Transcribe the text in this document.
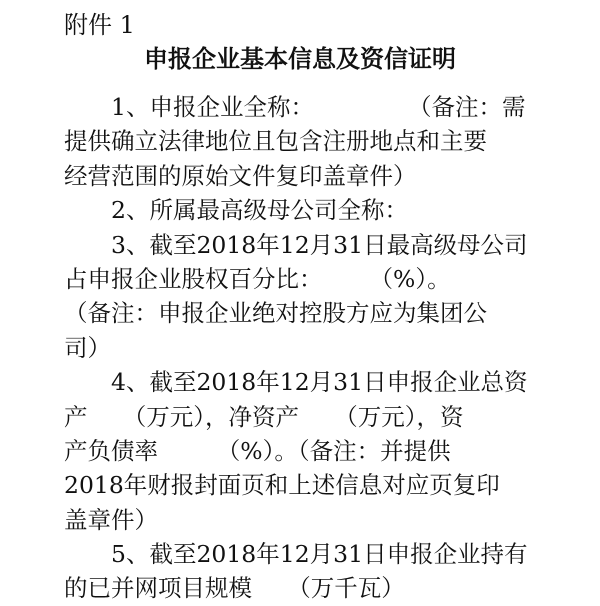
附件 1
申报企业基本信息及资信证明
1、申报企业全称：　　　　　（备注：需
提供确立法律地位且包含注册地点和主要
经营范围的原始文件复印盖章件）
2、所属最高级母公司全称：
3、截至2018年12月31日最高级母公司
占申报企业股权百分比：　　　（%）。
（备注：申报企业绝对控股方应为集团公
司）
4、截至2018年12月31日申报企业总资
产　　（万元），净资产　　（万元），资
产负债率　　　（%）。（备注：并提供
2018年财报封面页和上述信息对应页复印
盖章件）
5、截至2018年12月31日申报企业持有
的已并网项目规模　　（万千瓦）
